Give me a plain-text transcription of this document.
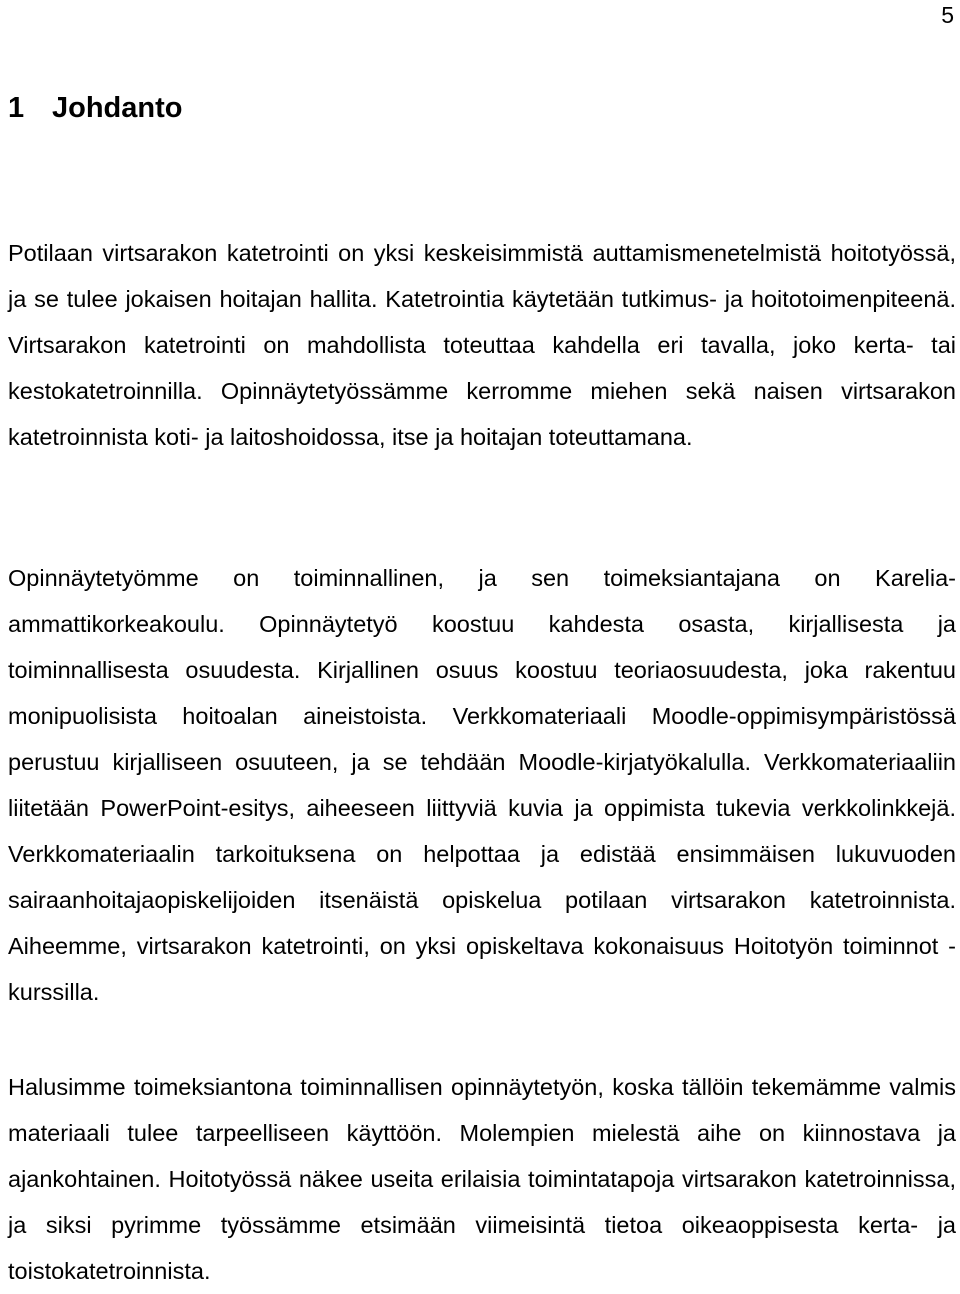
5
1 Johdanto

Potilaan virtsarakon katetrointi on yksi keskeisimmistä auttamismenetelmistä hoitotyössä, ja se tulee jokaisen hoitajan hallita. Katetrointia käytetään tutkimus- ja hoitotoimenpiteenä. Virtsarakon katetrointi on mahdollista toteuttaa kahdella eri tavalla, joko kerta- tai kestokatetroinnilla. Opinnäytetyössämme kerromme miehen sekä naisen virtsarakon katetroinnista koti- ja laitoshoidossa, itse ja hoitajan toteuttamana.

Opinnäytetyömme on toiminnallinen, ja sen toimeksiantajana on Karelia-ammattikorkeakoulu. Opinnäytetyö koostuu kahdesta osasta, kirjallisesta ja toiminnallisesta osuudesta. Kirjallinen osuus koostuu teoriaosuudesta, joka rakentuu monipuolisista hoitoalan aineistoista. Verkkomateriaali Moodle-oppimisympäristössä perustuu kirjalliseen osuuteen, ja se tehdään Moodle-kirjatyökalulla. Verkkomateriaaliin liitetään PowerPoint-esitys, aiheeseen liittyviä kuvia ja oppimista tukevia verkkolinkkejä. Verkkomateriaalin tarkoituksena on helpottaa ja edistää ensimmäisen lukuvuoden sairaanhoitajaopiskelijoiden itsenäistä opiskelua potilaan virtsarakon katetroinnista. Aiheemme, virtsarakon katetrointi, on yksi opiskeltava kokonaisuus Hoitotyön toiminnot -kurssilla.

Halusimme toimeksiantona toiminnallisen opinnäytetyön, koska tällöin tekemämme valmis materiaali tulee tarpeelliseen käyttöön. Molempien mielestä aihe on kiinnostava ja ajankohtainen. Hoitotyössä näkee useita erilaisia toimintatapoja virtsarakon katetroinnissa, ja siksi pyrimme työssämme etsimään viimeisintä tietoa oikeaoppisesta kerta- ja toistokatetroinnista.
